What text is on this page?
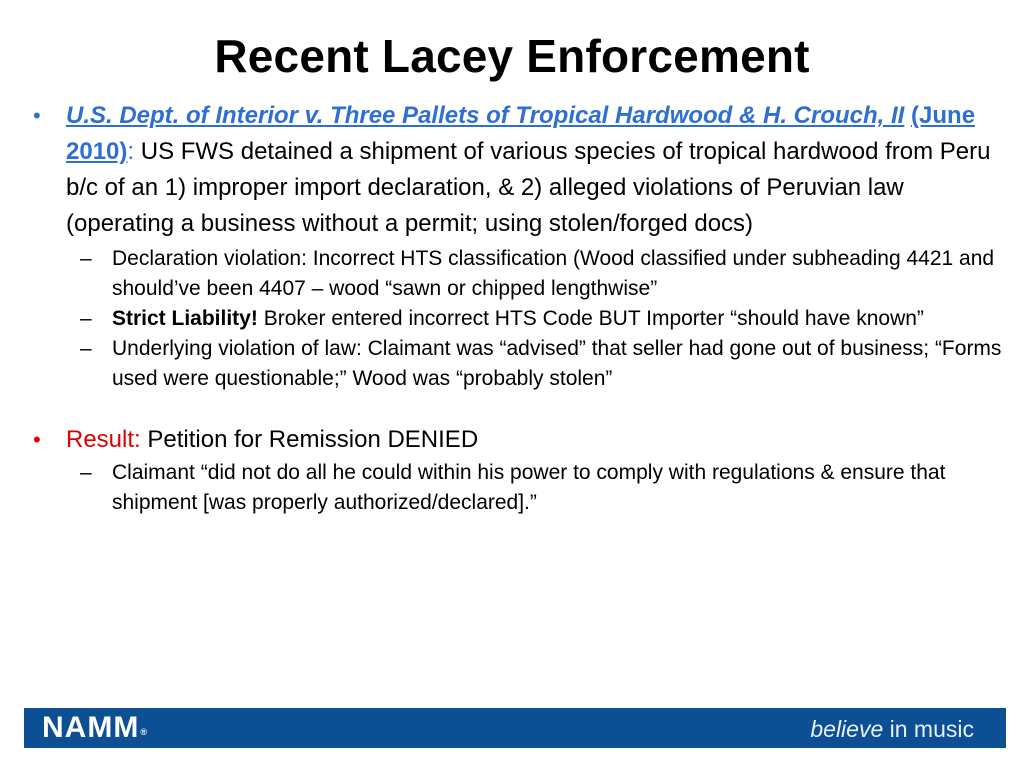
Recent Lacey Enforcement
• U.S. Dept. of Interior v. Three Pallets of Tropical Hardwood & H. Crouch, II (June 2010): US FWS detained a shipment of various species of tropical hardwood from Peru b/c of an 1) improper import declaration, & 2) alleged violations of Peruvian law (operating a business without a permit; using stolen/forged docs)
– Declaration violation: Incorrect HTS classification (Wood classified under subheading 4421 and should’ve been 4407 – wood “sawn or chipped lengthwise”
– Strict Liability! Broker entered incorrect HTS Code BUT Importer “should have known”
– Underlying violation of law: Claimant was “advised” that seller had gone out of business; “Forms used were questionable;” Wood was “probably stolen”
• Result: Petition for Remission DENIED
– Claimant “did not do all he could within his power to comply with regulations & ensure that shipment [was properly authorized/declared].”
NAMM®	believe in music
